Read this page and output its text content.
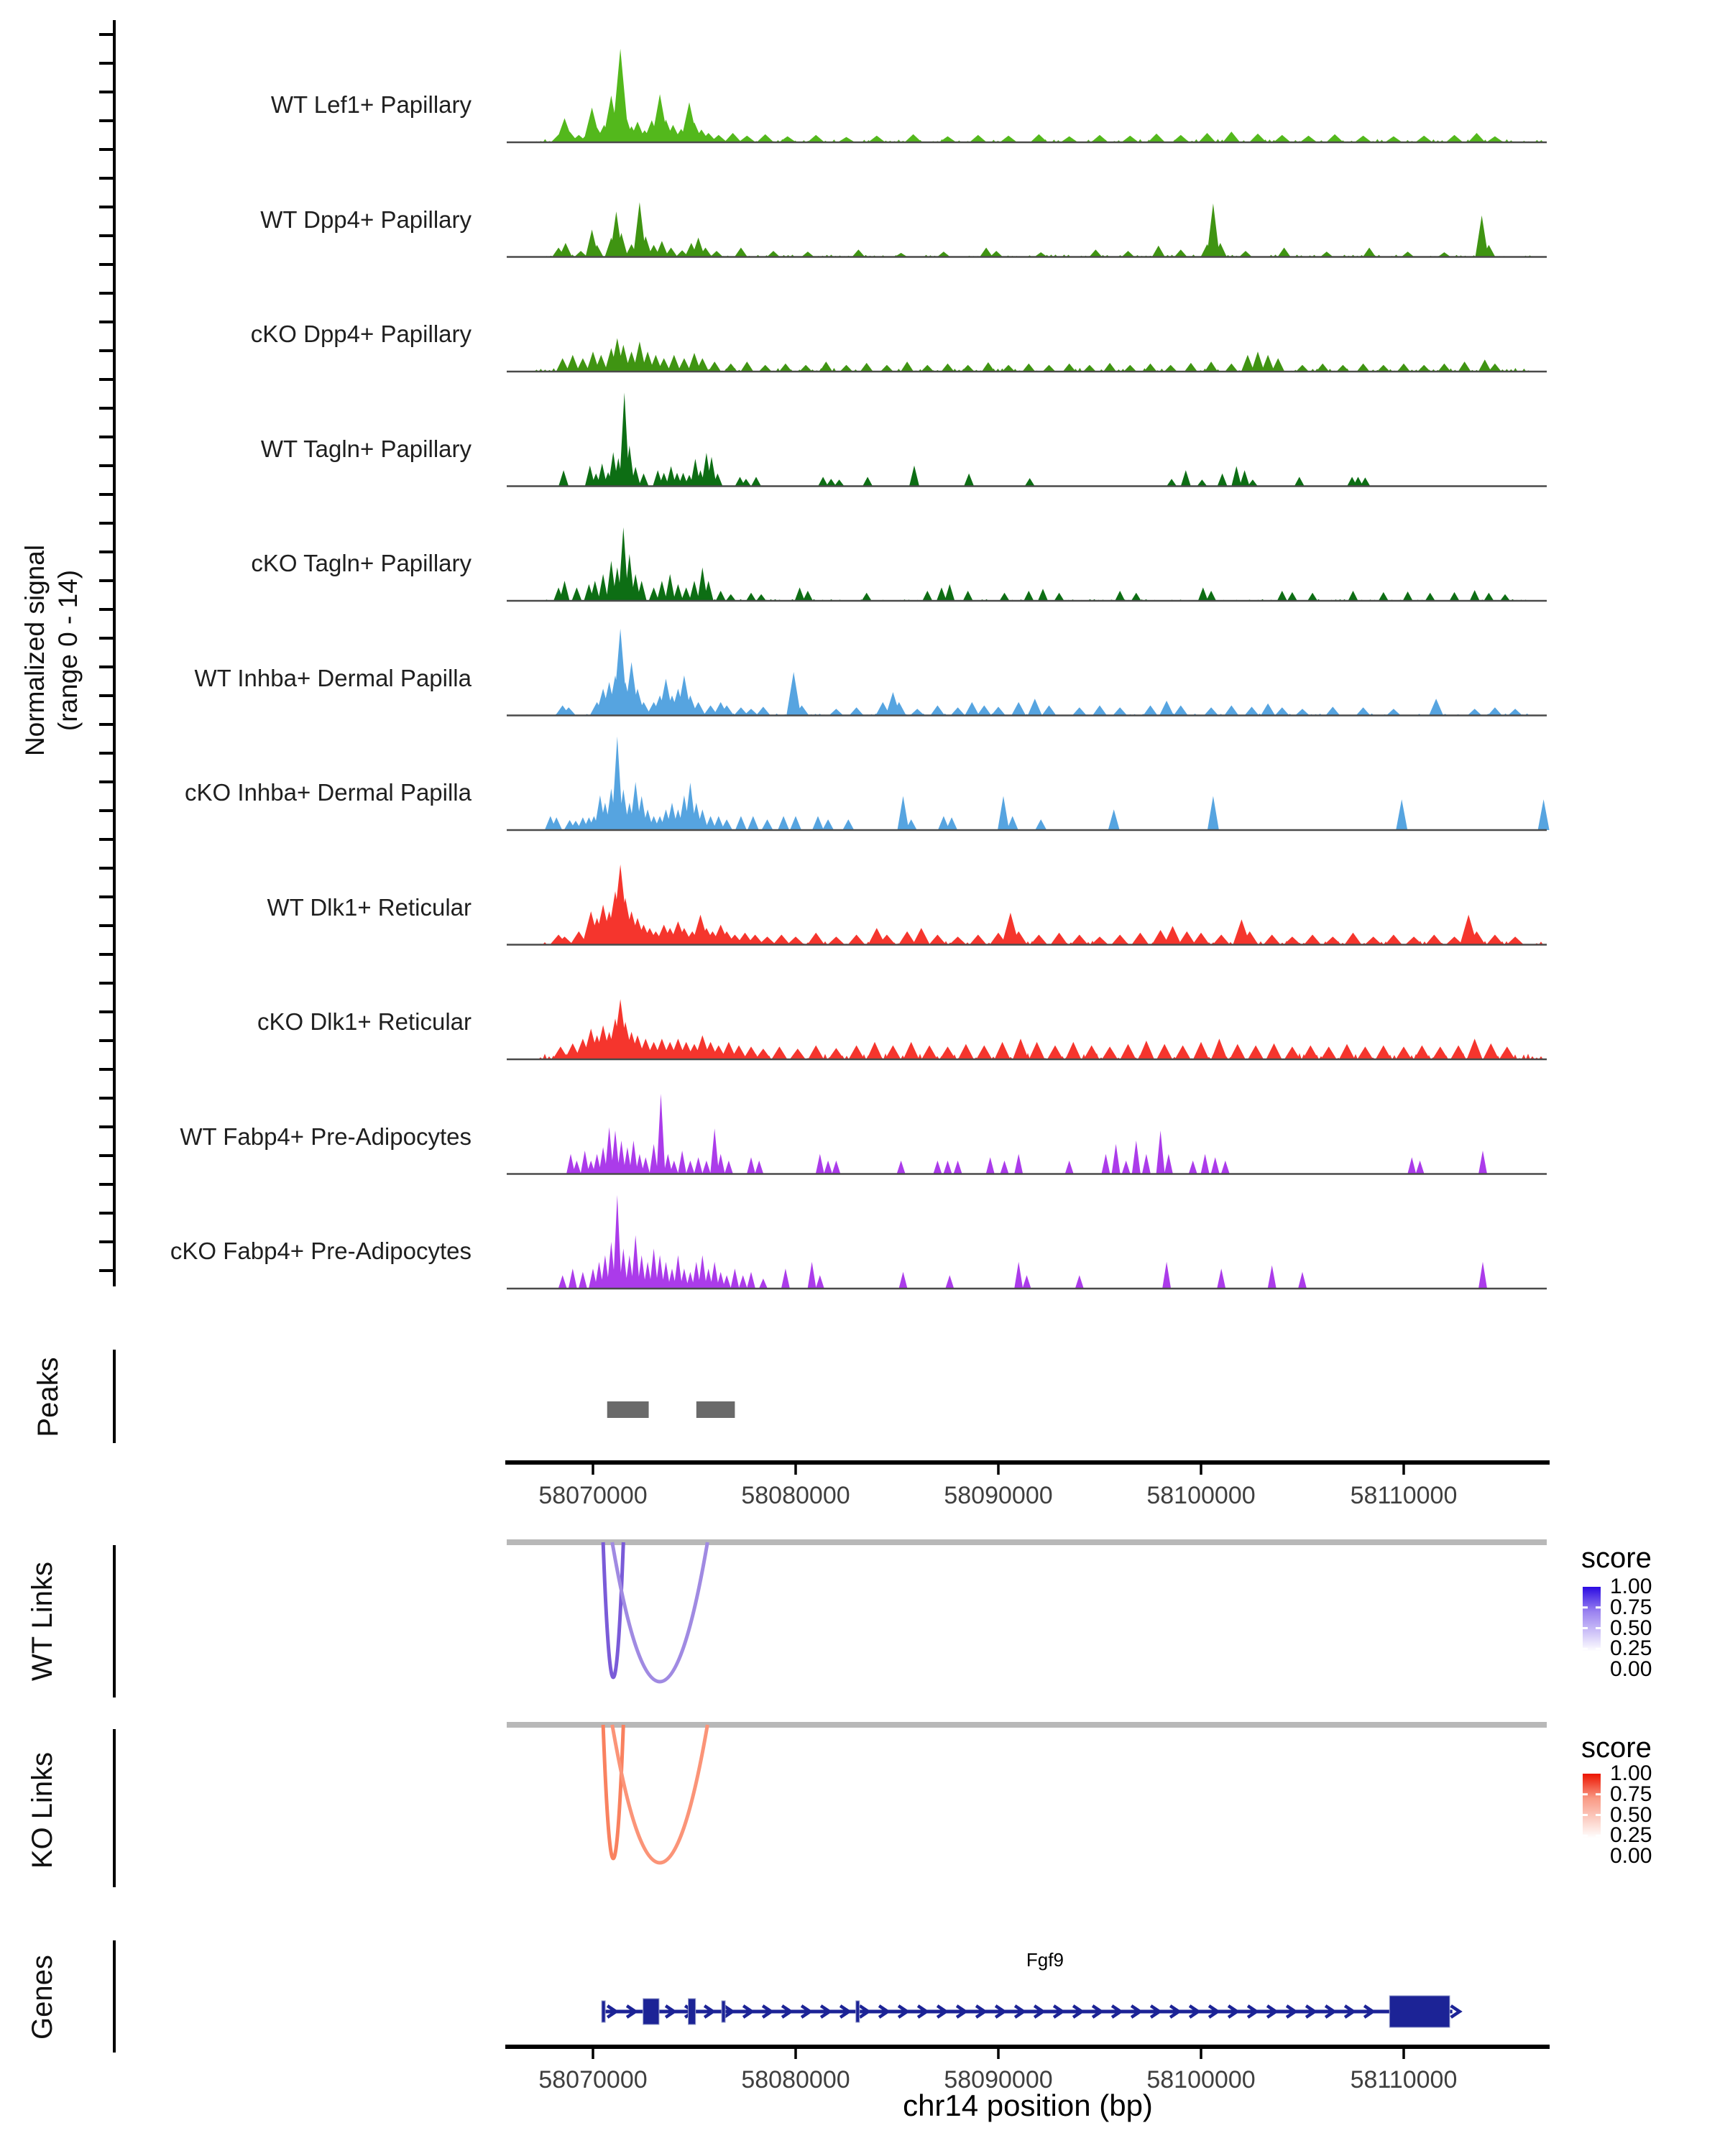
Normalized signal (range 0 - 14)
WT Lef1+ Papillary
WT Dpp4+ Papillary
cKO Dpp4+ Papillary
WT Tagln+ Papillary
cKO Tagln+ Papillary
WT Inhba+ Dermal Papilla
cKO Inhba+ Dermal Papilla
WT Dlk1+ Reticular
cKO Dlk1+ Reticular
WT Fabp4+ Pre-Adipocytes
cKO Fabp4+ Pre-Adipocytes
Peaks
WT Links
KO Links
Genes
score
score
1.00
0.75
0.50
0.25
0.00
1.00
0.75
0.50
0.25
0.00
58070000	58080000	58090000	58100000	58110000
58070000	58080000	58090000	58100000	58110000
Fgf9
chr14 position (bp)
